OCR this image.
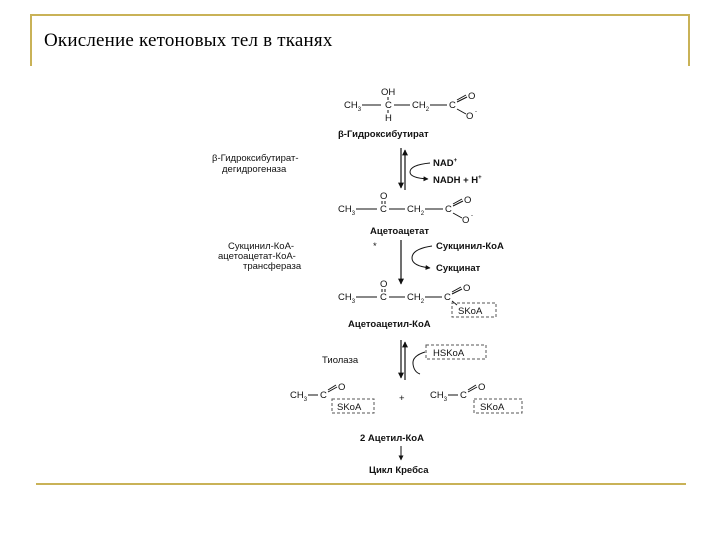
Окисление кетоновых тел в тканях
$CH_3$	C
OH
H
$CH_2$ C
O
O -
β-Гидроксибутират
β-Гидроксибутират-
дегидрогеназа
NAD+
NADH + H+
$CH_3$	C
O
$CH_2$ C
O
O -
Ацетоацетат
Сукцинил-КоА-
ацетоацетат-КоА-
трансфераза
*	Сукцинил-КоА
Сукцинат
$CH_3$	C
O
$CH_2$ C
O
SKoA
Ацетоацетил-КоА
Тиолаза
HSKoA
$CH_3$ C
O
SKoA
+	$CH_3$ C
O
SKoA
2 Ацетил-КоА
Цикл Кребса
